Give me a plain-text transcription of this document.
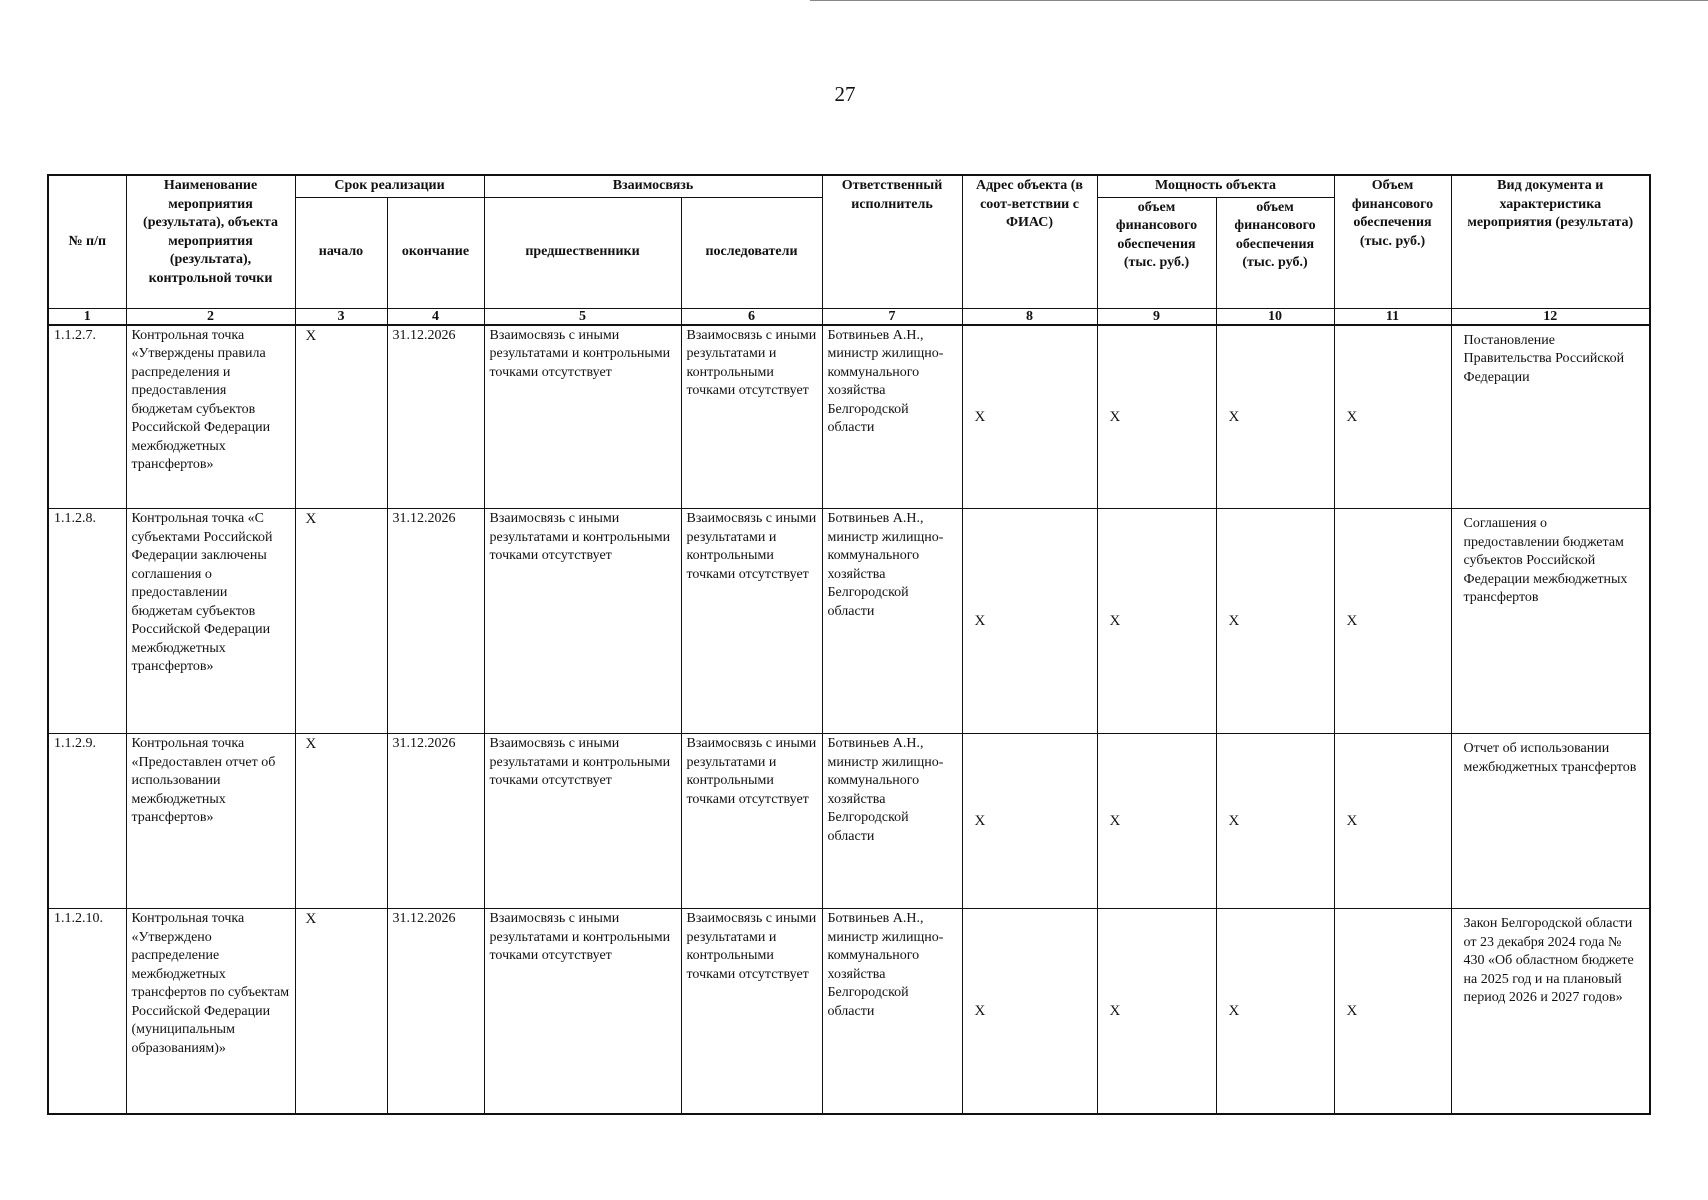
27
№ п/п	Наименование мероприятия (результата), объекта мероприятия (результата), контрольной точки	Срок реализации		Взаимосвязь		Ответственный исполнитель	Адрес объекта (в соот-ветствии с ФИАС)	Мощность объекта		Объем финансового обеспечения (тыс. руб.)	Вид документа и характеристика мероприятия (результата)
		начало	окончание	предшественники	последователи			объем финансового обеспечения (тыс. руб.)	объем финансового обеспечения (тыс. руб.)		
1	2	3	4	5	6	7	8	9	10	11	12
1.1.2.7.	Контрольная точка «Утверждены правила распределения и предоставления бюджетам субъектов Российской Федерации межбюджетных трансфертов»	X	31.12.2026	Взаимосвязь с иными результатами и контрольными точками отсутствует	Взаимосвязь с иными результатами и контрольными точками отсутствует	Ботвиньев А.Н., министр жилищно-коммунального хозяйства Белгородской области	X	X	X	X	Постановление Правительства Российской Федерации
1.1.2.8.	Контрольная точка «С субъектами Российской Федерации заключены соглашения о предоставлении бюджетам субъектов Российской Федерации межбюджетных трансфертов»	X	31.12.2026	Взаимосвязь с иными результатами и контрольными точками отсутствует	Взаимосвязь с иными результатами и контрольными точками отсутствует	Ботвиньев А.Н., министр жилищно-коммунального хозяйства Белгородской области	X	X	X	X	Соглашения о предоставлении бюджетам субъектов Российской Федерации межбюджетных трансфертов
1.1.2.9.	Контрольная точка «Предоставлен отчет об использовании межбюджетных трансфертов»	X	31.12.2026	Взаимосвязь с иными результатами и контрольными точками отсутствует	Взаимосвязь с иными результатами и контрольными точками отсутствует	Ботвиньев А.Н., министр жилищно-коммунального хозяйства Белгородской области	X	X	X	X	Отчет об использовании межбюджетных трансфертов
1.1.2.10.	Контрольная точка «Утверждено распределение межбюджетных трансфертов по субъектам Российской Федерации (муниципальным образованиям)»	X	31.12.2026	Взаимосвязь с иными результатами и контрольными точками отсутствует	Взаимосвязь с иными результатами и контрольными точками отсутствует	Ботвиньев А.Н., министр жилищно-коммунального хозяйства Белгородской области	X	X	X	X	Закон Белгородской области от 23 декабря 2024 года № 430 «Об областном бюджете на 2025 год и на плановый период 2026 и 2027 годов»
